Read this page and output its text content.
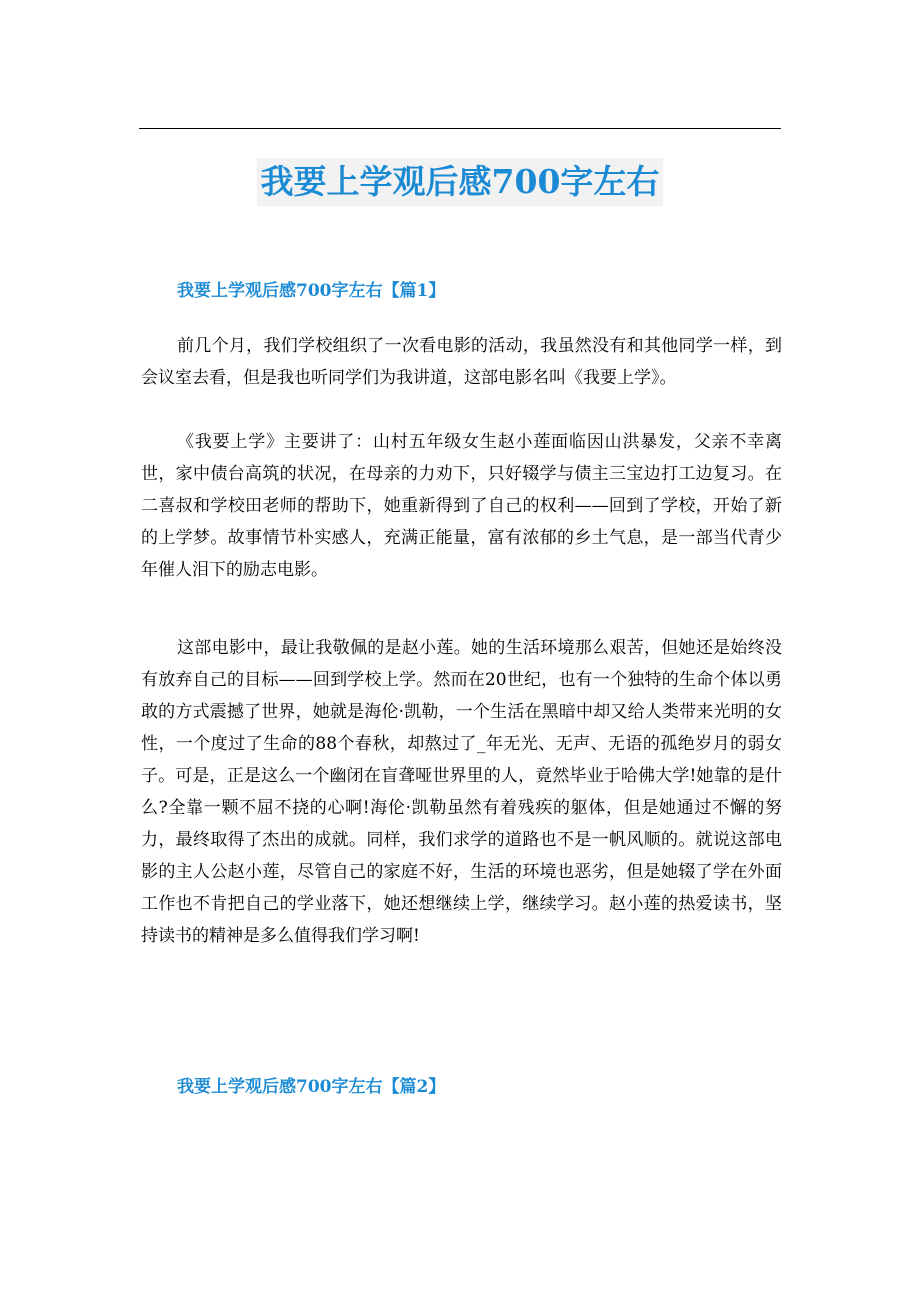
我要上学观后感700字左右
我要上学观后感700字左右【篇1】

前几个月，我们学校组织了一次看电影的活动，我虽然没有和其他同学一样，到会议室去看，但是我也听同学们为我讲道，这部电影名叫《我要上学》。

《我要上学》主要讲了：山村五年级女生赵小莲面临因山洪暴发，父亲不幸离世，家中债台高筑的状况，在母亲的力劝下，只好辍学与债主三宝边打工边复习。在二喜叔和学校田老师的帮助下，她重新得到了自己的权利——回到了学校，开始了新的上学梦。故事情节朴实感人，充满正能量，富有浓郁的乡土气息，是一部当代青少年催人泪下的励志电影。

这部电影中，最让我敬佩的是赵小莲。她的生活环境那么艰苦，但她还是始终没有放弃自己的目标——回到学校上学。然而在20世纪，也有一个独特的生命个体以勇敢的方式震撼了世界，她就是海伦·凯勒，一个生活在黑暗中却又给人类带来光明的女性，一个度过了生命的88个春秋，却熬过了_年无光、无声、无语的孤绝岁月的弱女子。可是，正是这么一个幽闭在盲聋哑世界里的人，竟然毕业于哈佛大学!她靠的是什么?全靠一颗不屈不挠的心啊!海伦·凯勒虽然有着残疾的躯体，但是她通过不懈的努力，最终取得了杰出的成就。同样，我们求学的道路也不是一帆风顺的。就说这部电影的主人公赵小莲，尽管自己的家庭不好，生活的环境也恶劣，但是她辍了学在外面工作也不肯把自己的学业落下，她还想继续上学，继续学习。赵小莲的热爱读书，坚持读书的精神是多么值得我们学习啊!

我要上学观后感700字左右【篇2】
